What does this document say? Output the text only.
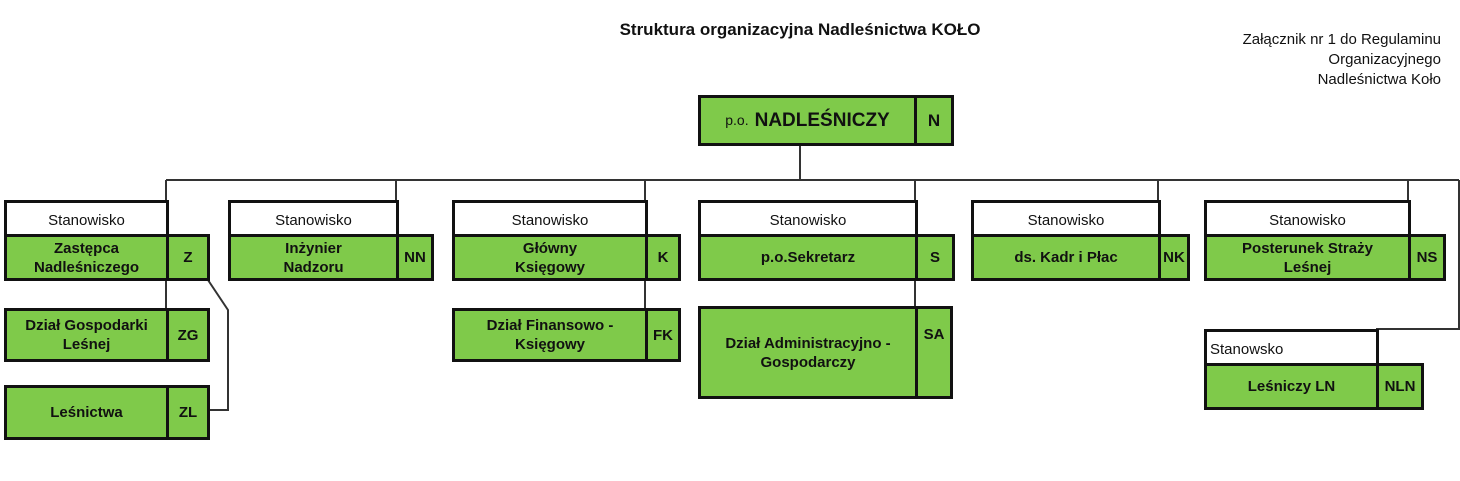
Struktura organizacyjna Nadleśnictwa KOŁO
Załącznik nr 1 do Regulaminu
Organizacyjnego
Nadleśnictwa Koło
p.o. NADLEŚNICZY	N
Stanowisko
Zastępca
Nadleśniczego
Z
Stanowisko
Inżynier
Nadzoru
NN
Stanowisko
Główny
Księgowy
K
Stanowisko
p.o.Sekretarz	S
Stanowisko
ds. Kadr i Płac	NK
Stanowisko
Posterunek Straży
Leśnej
NS
Stanowsko
Leśniczy LN	NLN
Dział Gospodarki
Leśnej
ZG
Leśnictwa	ZL
Dział Finansowo -
Księgowy
FK	Dział Administracyjno -
Gospodarczy
SA
